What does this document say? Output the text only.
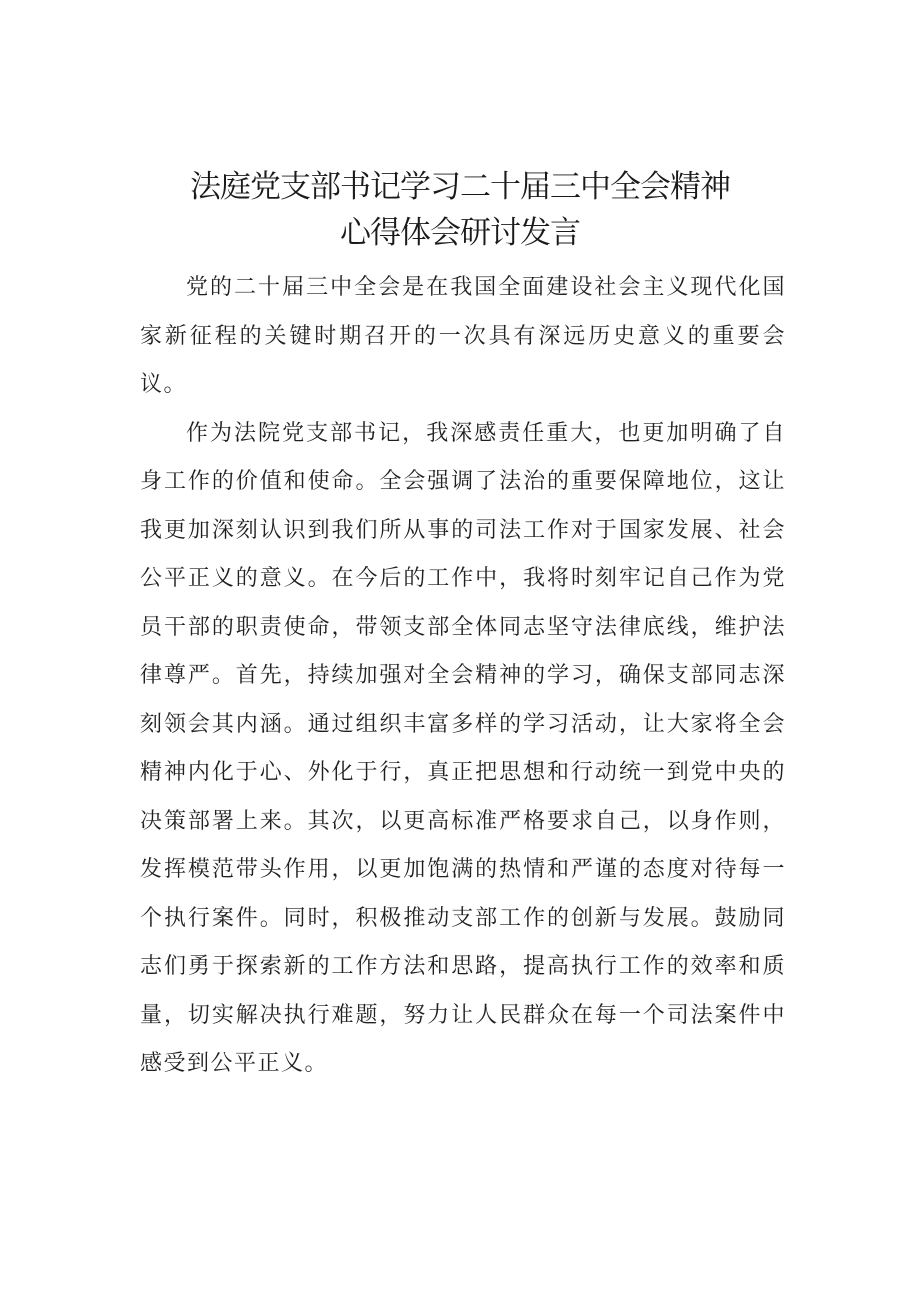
法庭党支部书记学习二十届三中全会精神
心得体会研讨发言

党的二十届三中全会是在我国全面建设社会主义现代化国家新征程的关键时期召开的一次具有深远历史意义的重要会议。

作为法院党支部书记，我深感责任重大，也更加明确了自身工作的价值和使命。全会强调了法治的重要保障地位，这让我更加深刻认识到我们所从事的司法工作对于国家发展、社会公平正义的意义。在今后的工作中，我将时刻牢记自己作为党员干部的职责使命，带领支部全体同志坚守法律底线，维护法律尊严。首先，持续加强对全会精神的学习，确保支部同志深刻领会其内涵。通过组织丰富多样的学习活动，让大家将全会精神内化于心、外化于行，真正把思想和行动统一到党中央的决策部署上来。其次，以更高标准严格要求自己，以身作则，发挥模范带头作用，以更加饱满的热情和严谨的态度对待每一个执行案件。同时，积极推动支部工作的创新与发展。鼓励同志们勇于探索新的工作方法和思路，提高执行工作的效率和质量，切实解决执行难题，努力让人民群众在每一个司法案件中感受到公平正义。
